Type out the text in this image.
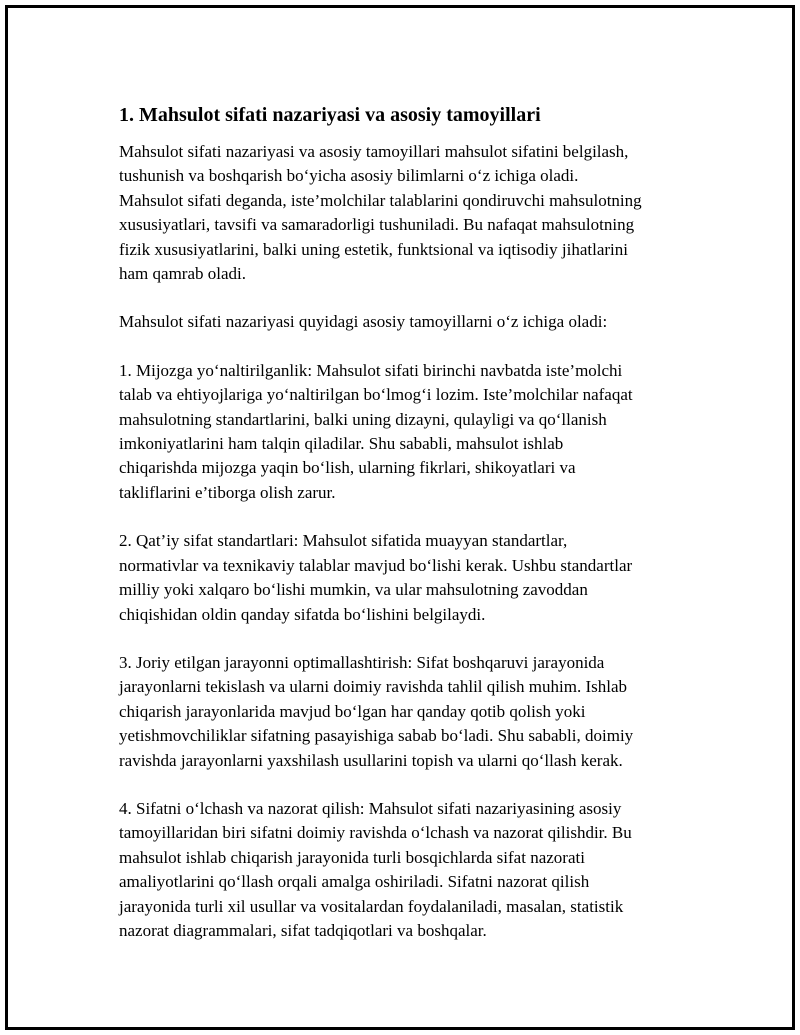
1. Mahsulot sifati nazariyasi va asosiy tamoyillari

Mahsulot sifati nazariyasi va asosiy tamoyillari mahsulot sifatini belgilash,
tushunish va boshqarish bo‘yicha asosiy bilimlarni o‘z ichiga oladi.
Mahsulot sifati deganda, iste’molchilar talablarini qondiruvchi mahsulotning
xususiyatlari, tavsifi va samaradorligi tushuniladi. Bu nafaqat mahsulotning
fizik xususiyatlarini, balki uning estetik, funktsional va iqtisodiy jihatlarini
ham qamrab oladi.

Mahsulot sifati nazariyasi quyidagi asosiy tamoyillarni o‘z ichiga oladi:

1. Mijozga yo‘naltirilganlik: Mahsulot sifati birinchi navbatda iste’molchi
talab va ehtiyojlariga yo‘naltirilgan bo‘lmog‘i lozim. Iste’molchilar nafaqat
mahsulotning standartlarini, balki uning dizayni, qulayligi va qo‘llanish
imkoniyatlarini ham talqin qiladilar. Shu sababli, mahsulot ishlab
chiqarishda mijozga yaqin bo‘lish, ularning fikrlari, shikoyatlari va
takliflarini e’tiborga olish zarur.

2. Qat’iy sifat standartlari: Mahsulot sifatida muayyan standartlar,
normativlar va texnikaviy talablar mavjud bo‘lishi kerak. Ushbu standartlar
milliy yoki xalqaro bo‘lishi mumkin, va ular mahsulotning zavoddan
chiqishidan oldin qanday sifatda bo‘lishini belgilaydi.

3. Joriy etilgan jarayonni optimallashtirish: Sifat boshqaruvi jarayonida
jarayonlarni tekislash va ularni doimiy ravishda tahlil qilish muhim. Ishlab
chiqarish jarayonlarida mavjud bo‘lgan har qanday qotib qolish yoki
yetishmovchiliklar sifatning pasayishiga sabab bo‘ladi. Shu sababli, doimiy
ravishda jarayonlarni yaxshilash usullarini topish va ularni qo‘llash kerak.

4. Sifatni o‘lchash va nazorat qilish: Mahsulot sifati nazariyasining asosiy
tamoyillaridan biri sifatni doimiy ravishda o‘lchash va nazorat qilishdir. Bu
mahsulot ishlab chiqarish jarayonida turli bosqichlarda sifat nazorati
amaliyotlarini qo‘llash orqali amalga oshiriladi. Sifatni nazorat qilish
jarayonida turli xil usullar va vositalardan foydalaniladi, masalan, statistik
nazorat diagrammalari, sifat tadqiqotlari va boshqalar.
